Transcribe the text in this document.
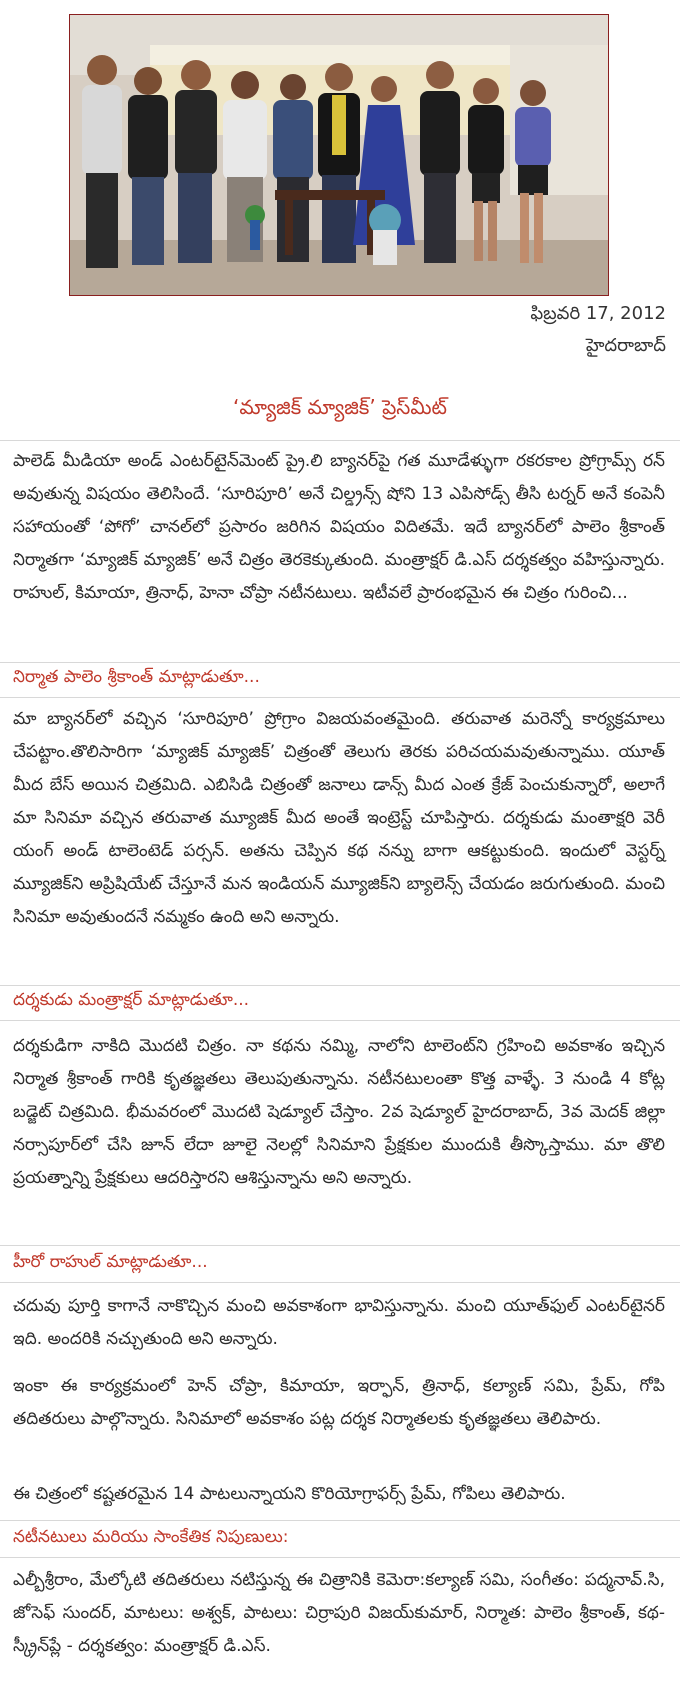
ఫిబ్రవరి 17, 2012
హైదరాబాద్
‘మ్యాజిక్ మ్యాజిక్’ ప్రెస్‌మీట్
పాలెడ్ మీడియా అండ్ ఎంటర్‌టైన్‌మెంట్ ప్రై.లి బ్యానర్‌పై గత మూడేళ్ళుగా రకరకాల ప్రోగ్రామ్స్ రన్ అవుతున్న విషయం తెలిసిందే. ‘సూరిపూరి’ అనే చిల్డ్రన్స్ షోని 13 ఎపిసోడ్స్ తీసి టర్నర్ అనే కంపెనీ సహాయంతో ‘పోగో’ చానల్‌లో ప్రసారం జరిగిన విషయం విదితమే. ఇదే బ్యానర్‌లో పాలెం శ్రీకాంత్ నిర్మాతగా ‘మ్యాజిక్ మ్యాజిక్’ అనే చిత్రం తెరకెక్కుతుంది. మంత్రాక్షర్ డి.ఎస్ దర్శకత్వం వహిస్తున్నారు. రాహుల్, కిమాయా, త్రినాధ్, హెనా చోప్రా నటీనటులు. ఇటీవలే ప్రారంభమైన ఈ చిత్రం గురించి...
నిర్మాత పాలెం శ్రీకాంత్ మాట్లాడుతూ...
మా బ్యానర్‌లో వచ్చిన ‘సూరిపూరి’ ప్రోగ్రాం విజయవంతమైంది. తరువాత మరెన్నో కార్యక్రమాలు చేపట్టాం.తొలిసారిగా ‘మ్యాజిక్ మ్యాజిక్’ చిత్రంతో తెలుగు తెరకు పరిచయమవుతున్నాము. యూత్ మీద బేస్ అయిన చిత్రమిది. ఎబిసిడి చిత్రంతో జనాలు డాన్స్ మీద ఎంత క్రేజ్ పెంచుకున్నారో, అలాగే మా సినిమా వచ్చిన తరువాత మ్యూజిక్ మీద అంతే ఇంట్రెస్ట్ చూపిస్తారు. దర్శకుడు మంతాక్షరి వెరీ యంగ్ అండ్ టాలెంటెడ్ పర్సన్. అతను చెప్పిన కథ నన్ను బాగా ఆకట్టుకుంది. ఇందులో వెస్టర్న్ మ్యూజిక్‌ని అప్రిషియేట్ చేస్తూనే మన ఇండియన్ మ్యూజిక్‌ని బ్యాలెన్స్ చేయడం జరుగుతుంది. మంచి సినిమా అవుతుందనే నమ్మకం ఉంది అని అన్నారు.
దర్శకుడు మంత్రాక్షర్ మాట్లాడుతూ...
దర్శకుడిగా నాకిది మొదటి చిత్రం. నా కథను నమ్మి, నాలోని టాలెంట్‌ని గ్రహించి అవకాశం ఇచ్చిన నిర్మాత శ్రీకాంత్ గారికి కృతజ్ఞతలు తెలుపుతున్నాను. నటీనటులంతా కొత్త వాళ్ళే. 3 నుండి 4 కోట్ల బడ్జెట్ చిత్రమిది. భీమవరంలో మొదటి షెడ్యూల్ చేస్తాం. 2వ షెడ్యూల్ హైదరాబాద్, 3వ మెదక్ జిల్లా నర్సాపూర్‌లో చేసి జూన్ లేదా జూలై నెలల్లో సినిమాని ప్రేక్షకుల ముందుకి తీస్కొస్తాము. మా తొలి ప్రయత్నాన్ని ప్రేక్షకులు ఆదరిస్తారని ఆశిస్తున్నాను అని అన్నారు.
హీరో రాహుల్ మాట్లాడుతూ...
చదువు పూర్తి కాగానే నాకొచ్చిన మంచి అవకాశంగా భావిస్తున్నాను. మంచి యూత్‌ఫుల్ ఎంటర్‌టైనర్ ఇది. అందరికి నచ్చుతుంది అని అన్నారు.
ఇంకా ఈ కార్యక్రమంలో హెన్ చోప్రా, కిమాయా, ఇర్ఫాన్, త్రినాధ్, కల్యాణ్ సమి, ప్రేమ్, గోపి తదితరులు పాల్గొన్నారు. సినిమాలో అవకాశం పట్ల దర్శక నిర్మాతలకు కృతజ్ఞతలు తెలిపారు.
ఈ చిత్రంలో కష్టతరమైన 14 పాటలున్నాయని కొరియోగ్రాఫర్స్ ప్రేమ్, గోపిలు తెలిపారు.
నటీనటులు మరియు సాంకేతిక నిపుణులు:
ఎల్బీశ్రీరాం, మేల్కోటి తదితరులు నటిస్తున్న ఈ చిత్రానికి కెమెరా:కల్యాణ్ సమి, సంగీతం: పద్మనావ్.సి, జోసెఫ్ సుందర్, మాటలు: అశ్వక్, పాటలు: చిర్రాపురి విజయ్‌కుమార్, నిర్మాత: పాలెం శ్రీకాంత్, కథ- స్క్రీన్‌ప్లే - దర్శకత్వం: మంత్రాక్షర్ డి.ఎస్.
